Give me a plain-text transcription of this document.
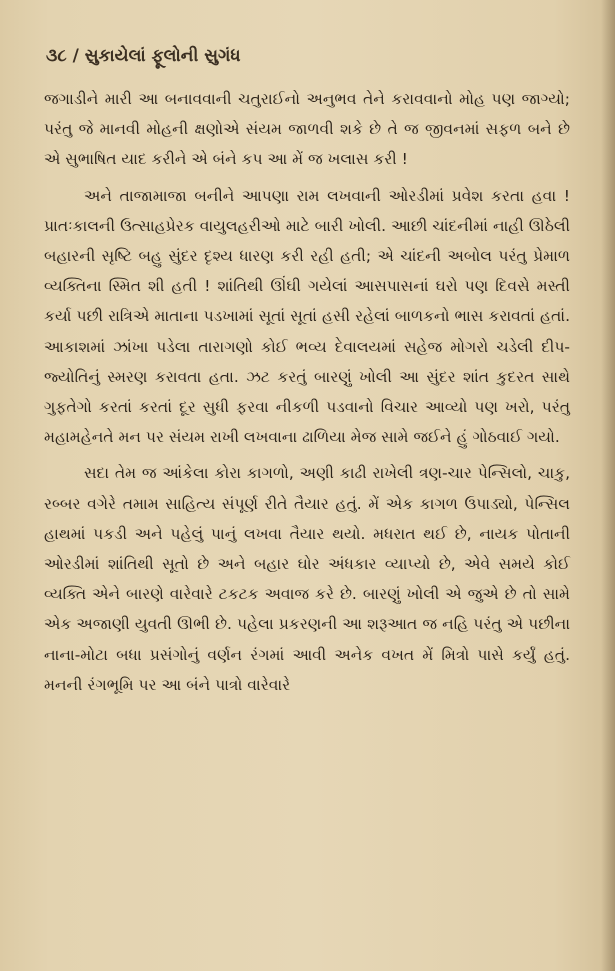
૩૮ / સુકાયેલાં ફૂલોની સુગંધ

જગાડીને મારી આ બનાવવાની ચતુરાઈનો અનુભવ તેને કરાવવાનો મોહ પણ જાગ્યો; પરંતુ જે માનવી મોહની ક્ષણોએ સંયમ જાળવી શકે છે તે જ જીવનમાં સફળ બને છે એ સુભાષિત યાદ કરીને એ બંને કપ આ મેં જ ખલાસ કરી !

અને તાજામાજા બનીને આપણા રામ લખવાની ઓરડીમાં પ્રવેશ કરતા હવા ! પ્રાતઃકાલની ઉત્સાહપ્રેરક વાયુલહરીઓ માટે બારી ખોલી. આછી ચાંદનીમાં નાહી ઊઠેલી બહારની સૃષ્ટિ બહુ સુંદર દૃશ્ય ધારણ કરી રહી હતી; એ ચાંદની અબોલ પરંતુ પ્રેમાળ વ્યક્તિના સ્મિત શી હતી ! શાંતિથી ઊંઘી ગયેલાં આસપાસનાં ઘરો પણ દિવસે મસ્તી કર્યા પછી રાત્રિએ માતાના પડખામાં સૂતાં સૂતાં હસી રહેલાં બાળકનો ભાસ કરાવતાં હતાં. આકાશમાં ઝાંખા પડેલા તારાગણો કોઈ ભવ્ય દેવાલયમાં સહેજ મોગરો ચડેલી દીપ-જ્યોતિનું સ્મરણ કરાવતા હતા. ઝટ કરતું બારણું ખોલી આ સુંદર શાંત કુદરત સાથે ગુફતેગો કરતાં કરતાં દૂર સુધી ફરવા નીકળી પડવાનો વિચાર આવ્યો પણ ખરો, પરંતુ મહામહેનતે મન પર સંયમ રાખી લખવાના ઢાળિયા મેજ સામે જઈને હું ગોઠવાઈ ગયો.

સદા તેમ જ આંકેલા કોરા કાગળો, અણી કાઢી રાખેલી ત્રણ-ચાર પેન્સિલો, ચાકુ, રબ્બર વગેરે તમામ સાહિત્ય સંપૂર્ણ રીતે તૈયાર હતું. મેં એક કાગળ ઉપાડ્યો, પેન્સિલ હાથમાં પકડી અને પહેલું પાનું લખવા તૈયાર થયો. મધરાત થઈ છે, નાયક પોતાની ઓરડીમાં શાંતિથી સૂતો છે અને બહાર ઘોર અંધકાર વ્યાપ્યો છે, એવે સમયે કોઈ વ્યક્તિ એને બારણે વારેવારે ટકટક અવાજ કરે છે. બારણું ખોલી એ જુએ છે તો સામે એક અજાણી યુવતી ઊભી છે. પહેલા પ્રકરણની આ શરૂઆત જ નહિ પરંતુ એ પછીના નાના-મોટા બધા પ્રસંગોનું વર્ણન રંગમાં આવી અનેક વખત મેં મિત્રો પાસે કર્યું હતું. મનની રંગભૂમિ પર આ બંને પાત્રો વારેવારે
